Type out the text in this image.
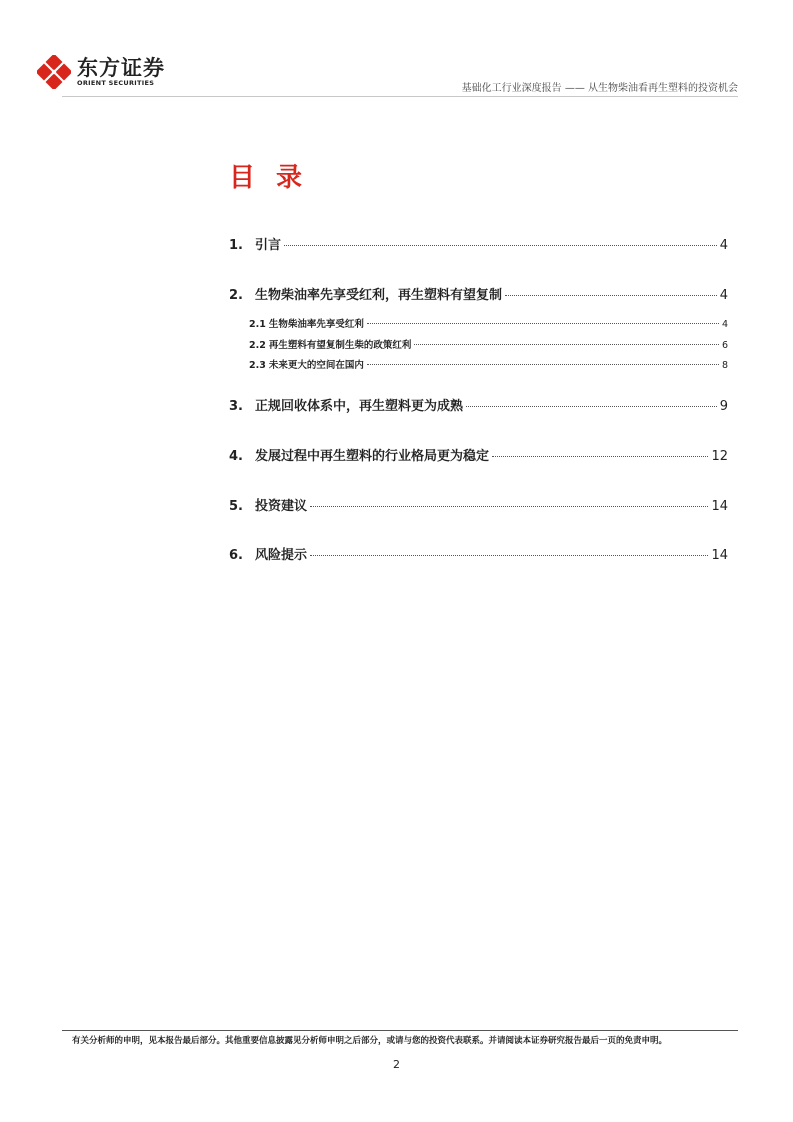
东方证券
ORIENT SECURITIES
基础化工行业深度报告 —— 从生物柴油看再生塑料的投资机会
目 录
1. 引言	4
2. 生物柴油率先享受红利，再生塑料有望复制	4
2.1 生物柴油率先享受红利	4
2.2 再生塑料有望复制生柴的政策红利	6
2.3 未来更大的空间在国内	8
3. 正规回收体系中，再生塑料更为成熟	9
4. 发展过程中再生塑料的行业格局更为稳定	12
5. 投资建议	14
6. 风险提示	14
有关分析师的申明，见本报告最后部分。其他重要信息披露见分析师申明之后部分，或请与您的投资代表联系。并请阅读本证券研究报告最后一页的免责申明。
2
